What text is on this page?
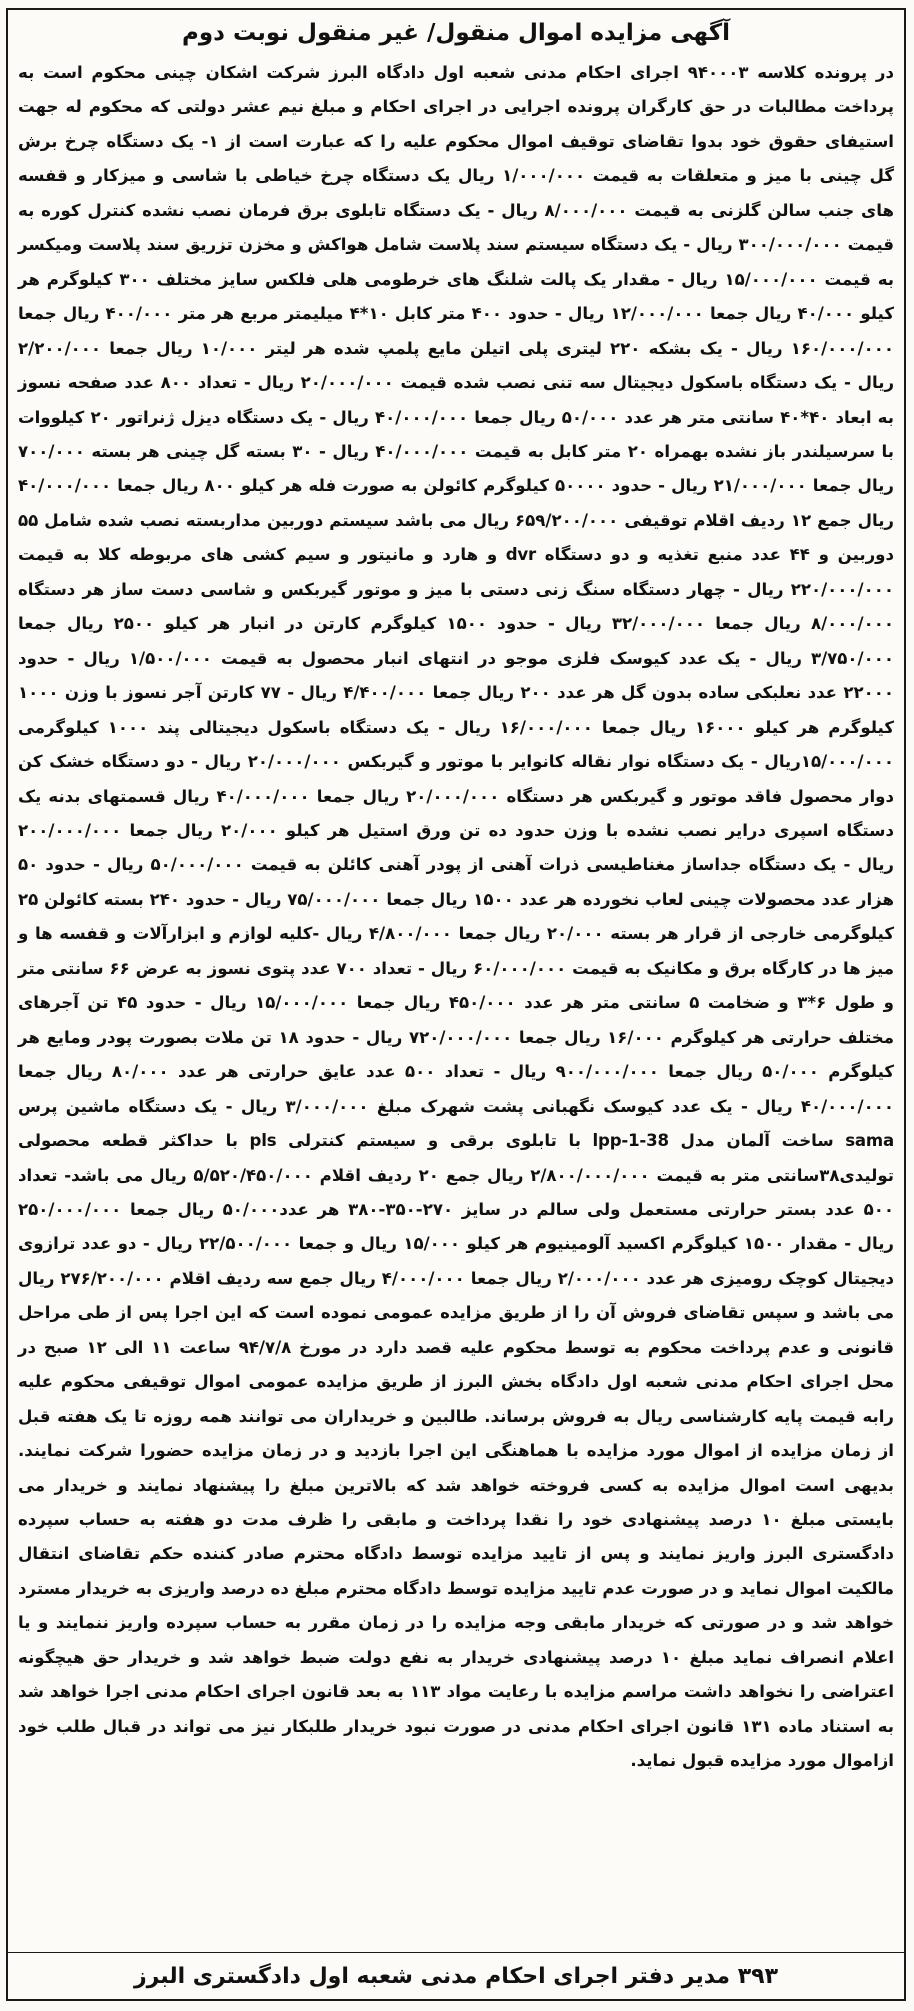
آگهی مزایده اموال منقول/ غیر منقول نوبت دوم

در پرونده کلاسه ۹۴۰۰۰۳ اجرای احکام مدنی شعبه اول دادگاه البرز شرکت اشکان چینی محکوم است به پرداخت مطالبات در حق کارگران پرونده اجرایی در اجرای احکام و مبلغ نیم عشر دولتی که محکوم له جهت استیفای حقوق خود بدوا تقاضای توقیف اموال محکوم علیه را که عبارت است از ۱- یک دستگاه چرخ برش گل چینی با میز و متعلقات به قیمت ۱/۰۰۰/۰۰۰ ریال یک دستگاه چرخ خیاطی با شاسی و میزکار و قفسه های جنب سالن گلزنی به قیمت ۸/۰۰۰/۰۰۰ ریال - یک دستگاه تابلوی برق فرمان نصب نشده کنترل کوره به قیمت ۳۰۰/۰۰۰/۰۰۰ ریال - یک دستگاه سیستم سند پلاست شامل هواکش و مخزن تزریق سند پلاست ومیکسر به قیمت ۱۵/۰۰۰/۰۰۰ ریال - مقدار یک پالت شلنگ های خرطومی هلی فلکس سایز مختلف ۳۰۰ کیلوگرم هر کیلو ۴۰/۰۰۰ ریال جمعا ۱۲/۰۰۰/۰۰۰ ریال - حدود ۴۰۰ متر کابل ۱۰*۴ میلیمتر مربع هر متر ۴۰۰/۰۰۰ ریال جمعا ۱۶۰/۰۰۰/۰۰۰ ریال - یک بشکه ۲۲۰ لیتری پلی اتیلن مایع پلمپ شده هر لیتر ۱۰/۰۰۰ ریال جمعا ۲/۲۰۰/۰۰۰ ریال - یک دستگاه باسکول دیجیتال سه تنی نصب شده قیمت ۲۰/۰۰۰/۰۰۰ ریال - تعداد ۸۰۰ عدد صفحه نسوز به ابعاد ۴۰*۴۰ سانتی متر هر عدد ۵۰/۰۰۰ ریال جمعا ۴۰/۰۰۰/۰۰۰ ریال - یک دستگاه دیزل ژنراتور ۲۰ کیلووات با سرسیلندر باز نشده بهمراه ۲۰ متر کابل به قیمت ۴۰/۰۰۰/۰۰۰ ریال - ۳۰ بسته گل چینی هر بسته ۷۰۰/۰۰۰ ریال جمعا ۲۱/۰۰۰/۰۰۰ ریال - حدود ۵۰۰۰۰ کیلوگرم کائولن به صورت فله هر کیلو ۸۰۰ ریال جمعا ۴۰/۰۰۰/۰۰۰ ریال جمع ۱۲ ردیف اقلام توقیفی ۶۵۹/۲۰۰/۰۰۰ ریال می باشد سیستم دوربین مداربسته نصب شده شامل ۵۵ دوربین و ۴۴ عدد منبع تغذیه و دو دستگاه dvr و هارد و مانیتور و سیم کشی های مربوطه کلا به قیمت ۲۲۰/۰۰۰/۰۰۰ ریال - چهار دستگاه سنگ زنی دستی با میز و موتور گیربکس و شاسی دست ساز هر دستگاه ۸/۰۰۰/۰۰۰ ریال جمعا ۳۲/۰۰۰/۰۰۰ ریال - حدود ۱۵۰۰ کیلوگرم کارتن در انبار هر کیلو ۲۵۰۰ ریال جمعا ۳/۷۵۰/۰۰۰ ریال - یک عدد کیوسک فلزی موجو در انتهای انبار محصول به قیمت ۱/۵۰۰/۰۰۰ ریال - حدود ۲۲۰۰۰ عدد نعلبکی ساده بدون گل هر عدد ۲۰۰ ریال جمعا ۴/۴۰۰/۰۰۰ ریال - ۷۷ کارتن آجر نسوز با وزن ۱۰۰۰ کیلوگرم هر کیلو ۱۶۰۰۰ ریال جمعا ۱۶/۰۰۰/۰۰۰ ریال - یک دستگاه باسکول دیجیتالی پند ۱۰۰۰ کیلوگرمی ۱۵/۰۰۰/۰۰۰ریال - یک دستگاه نوار نقاله کانوایر با موتور و گیربکس ۲۰/۰۰۰/۰۰۰ ریال - دو دستگاه خشک کن دوار محصول فاقد موتور و گیربکس هر دستگاه ۲۰/۰۰۰/۰۰۰ ریال جمعا ۴۰/۰۰۰/۰۰۰ ریال قسمتهای بدنه یک دستگاه اسپری درایر نصب نشده با وزن حدود ده تن ورق استیل هر کیلو ۲۰/۰۰۰ ریال جمعا ۲۰۰/۰۰۰/۰۰۰ ریال - یک دستگاه جداساز مغناطیسی ذرات آهنی از پودر آهنی کائلن به قیمت ۵۰/۰۰۰/۰۰۰ ریال - حدود ۵۰ هزار عدد محصولات چینی لعاب نخورده هر عدد ۱۵۰۰ ریال جمعا ۷۵/۰۰۰/۰۰۰ ریال - حدود ۲۴۰ بسته کائولن ۲۵ کیلوگرمی خارجی از قرار هر بسته ۲۰/۰۰۰ ریال جمعا ۴/۸۰۰/۰۰۰ ریال -کلیه لوازم و ابزارآلات و قفسه ها و میز ها در کارگاه برق و مکانیک به قیمت ۶۰/۰۰۰/۰۰۰ ریال - تعداد ۷۰۰ عدد پتوی نسوز به عرض ۶۶ سانتی متر و طول ۶*۳ و ضخامت ۵ سانتی متر هر عدد ۴۵۰/۰۰۰ ریال جمعا ۱۵/۰۰۰/۰۰۰ ریال - حدود ۴۵ تن آجرهای مختلف حرارتی هر کیلوگرم ۱۶/۰۰۰ ریال جمعا ۷۲۰/۰۰۰/۰۰۰ ریال - حدود ۱۸ تن ملات بصورت پودر ومایع هر کیلوگرم ۵۰/۰۰۰ ریال جمعا ۹۰۰/۰۰۰/۰۰۰ ریال - تعداد ۵۰۰ عدد عایق حرارتی هر عدد ۸۰/۰۰۰ ریال جمعا ۴۰/۰۰۰/۰۰۰ ریال - یک عدد کیوسک نگهبانی پشت شهرک مبلغ ۳/۰۰۰/۰۰۰ ریال - یک دستگاه ماشین پرس sama ساخت آلمان مدل lpp-1-38 با تابلوی برقی و سیستم کنترلی pls با حداکثر قطعه محصولی تولیدی۳۸سانتی متر به قیمت ۲/۸۰۰/۰۰۰/۰۰۰ ریال جمع ۲۰ ردیف اقلام ۵/۵۲۰/۴۵۰/۰۰۰ ریال می باشد- تعداد ۵۰۰ عدد بستر حرارتی مستعمل ولی سالم در سایز ۲۷۰-۳۵۰-۳۸۰ هر عدد۵۰/۰۰۰ ریال جمعا ۲۵۰/۰۰۰/۰۰۰ ریال - مقدار ۱۵۰۰ کیلوگرم اکسید آلومینیوم هر کیلو ۱۵/۰۰۰ ریال و جمعا ۲۲/۵۰۰/۰۰۰ ریال - دو عدد ترازوی دیجیتال کوچک رومیزی هر عدد ۲/۰۰۰/۰۰۰ ریال جمعا ۴/۰۰۰/۰۰۰ ریال جمع سه ردیف اقلام ۲۷۶/۲۰۰/۰۰۰ ریال می باشد و سپس تقاضای فروش آن را از طریق مزایده عمومی نموده است که این اجرا پس از طی مراحل قانونی و عدم پرداخت محکوم به توسط محکوم علیه قصد دارد در مورخ ۹۴/۷/۸ ساعت ۱۱ الی ۱۲ صبح در محل اجرای احکام مدنی شعبه اول دادگاه بخش البرز از طریق مزایده عمومی اموال توقیفی محکوم علیه رابه قیمت پایه کارشناسی ریال به فروش برساند. طالبین و خریداران می توانند همه روزه تا یک هفته قبل از زمان مزایده از اموال مورد مزایده با هماهنگی این اجرا بازدید و در زمان مزایده حضورا شرکت نمایند. بدیهی است اموال مزایده به کسی فروخته خواهد شد که بالاترین مبلغ را پیشنهاد نمایند و خریدار می بایستی مبلغ ۱۰ درصد پیشنهادی خود را نقدا پرداخت و مابقی را ظرف مدت دو هفته به حساب سپرده دادگستری البرز واریز نمایند و پس از تایید مزایده توسط دادگاه محترم صادر کننده حکم تقاضای انتقال مالکیت اموال نماید و در صورت عدم تایید مزایده توسط دادگاه محترم مبلغ ده درصد واریزی به خریدار مسترد خواهد شد و در صورتی که خریدار مابقی وجه مزایده را در زمان مقرر به حساب سپرده واریز ننمایند و یا اعلام انصراف نماید مبلغ ۱۰ درصد پیشنهادی خریدار به نفع دولت ضبط خواهد شد و خریدار حق هیچگونه اعتراضی را نخواهد داشت مراسم مزایده با رعایت مواد ۱۱۳ به بعد قانون اجرای احکام مدنی اجرا خواهد شد به استناد ماده ۱۳۱ قانون اجرای احکام مدنی در صورت نبود خریدار طلبکار نیز می تواند در قبال طلب خود ازاموال مورد مزایده قبول نماید.

۳۹۳ مدیر دفتر اجرای احکام مدنی شعبه اول دادگستری البرز
